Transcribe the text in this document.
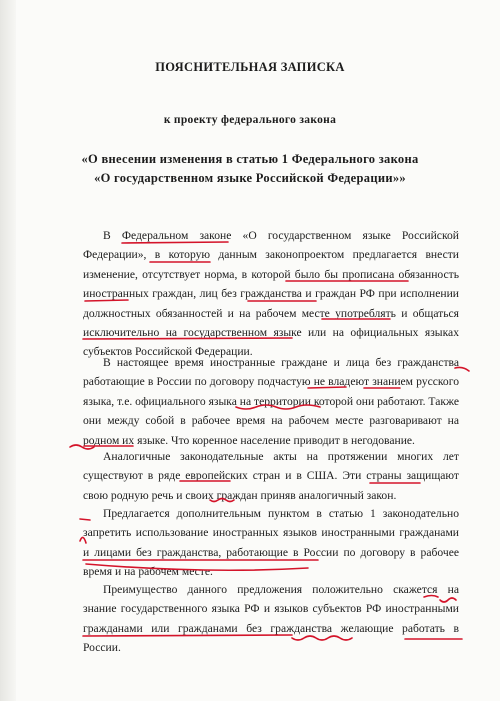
ПОЯСНИТЕЛЬНАЯ ЗАПИСКА
к проекту федерального закона
«О внесении изменения в статью 1 Федерального закона
«О государственном языке Российской Федерации»»

В Федеральном законе «О государственном языке Российской Федерации», в которую данным законопроектом предлагается внести изменение, отсутствует норма, в которой было бы прописана обязанность иностранных граждан, лиц без гражданства и граждан РФ при исполнении должностных обязанностей и на рабочем месте употреблять и общаться исключительно на государственном языке или на официальных языках субъектов Российской Федерации.

В настоящее время иностранные граждане и лица без гражданства работающие в России по договору подчастую не владеют знанием русского языка, т.е. официального языка на территории которой они работают. Также они между собой в рабочее время на рабочем месте разговаривают на родном их языке. Что коренное население приводит в негодование.

Аналогичные законодательные акты на протяжении многих лет существуют в ряде европейских стран и в США. Эти страны защищают свою родную речь и своих граждан приняв аналогичный закон.

Предлагается дополнительным пунктом в статью 1 законодательно запретить использование иностранных языков иностранными гражданами и лицами без гражданства, работающие в России по договору в рабочее время и на рабочем месте.

Преимущество данного предложения положительно скажется на знание государственного языка РФ и языков субъектов РФ иностранными гражданами или гражданами без гражданства желающие работать в России.
